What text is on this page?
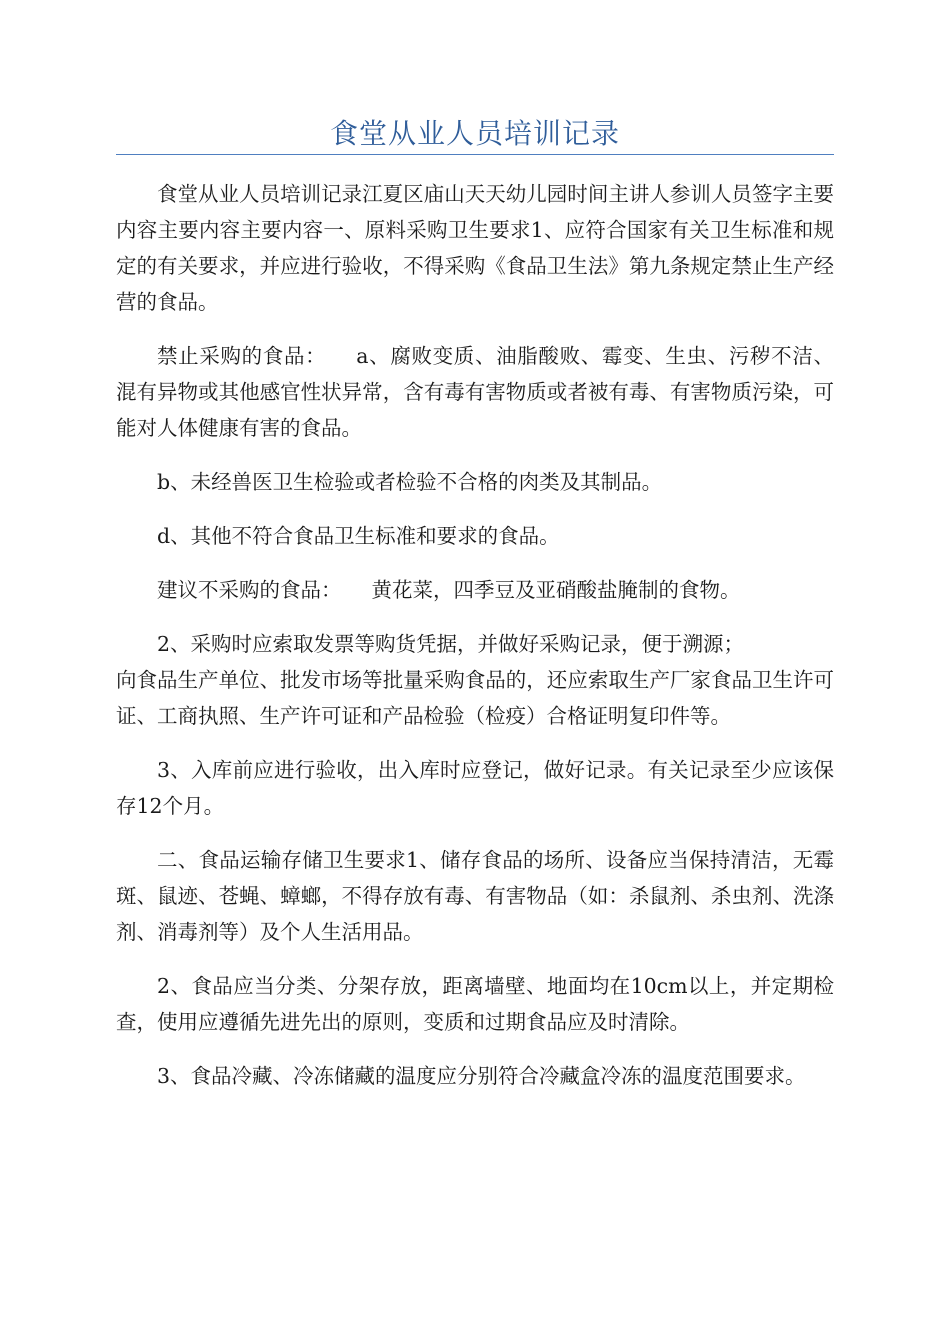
食堂从业人员培训记录

食堂从业人员培训记录江夏区庙山天天幼儿园时间主讲人参训人员签字主要内容主要内容主要内容一、原料采购卫生要求1、应符合国家有关卫生标准和规定的有关要求，并应进行验收，不得采购《食品卫生法》第九条规定禁止生产经营的食品。

禁止采购的食品： a、腐败变质、油脂酸败、霉变、生虫、污秽不洁、混有异物或其他感官性状异常，含有毒有害物质或者被有毒、有害物质污染，可能对人体健康有害的食品。

b、未经兽医卫生检验或者检验不合格的肉类及其制品。

d、其他不符合食品卫生标准和要求的食品。

建议不采购的食品： 黄花菜，四季豆及亚硝酸盐腌制的食物。

2、采购时应索取发票等购货凭据，并做好采购记录，便于溯源；

向食品生产单位、批发市场等批量采购食品的，还应索取生产厂家食品卫生许可证、工商执照、生产许可证和产品检验（检疫）合格证明复印件等。

3、入库前应进行验收，出入库时应登记，做好记录。有关记录至少应该保存12个月。

二、食品运输存储卫生要求1、储存食品的场所、设备应当保持清洁，无霉斑、鼠迹、苍蝇、蟑螂，不得存放有毒、有害物品（如：杀鼠剂、杀虫剂、洗涤剂、消毒剂等）及个人生活用品。

2、食品应当分类、分架存放，距离墙壁、地面均在10cm以上，并定期检查，使用应遵循先进先出的原则，变质和过期食品应及时清除。

3、食品冷藏、冷冻储藏的温度应分别符合冷藏盒冷冻的温度范围要求。
